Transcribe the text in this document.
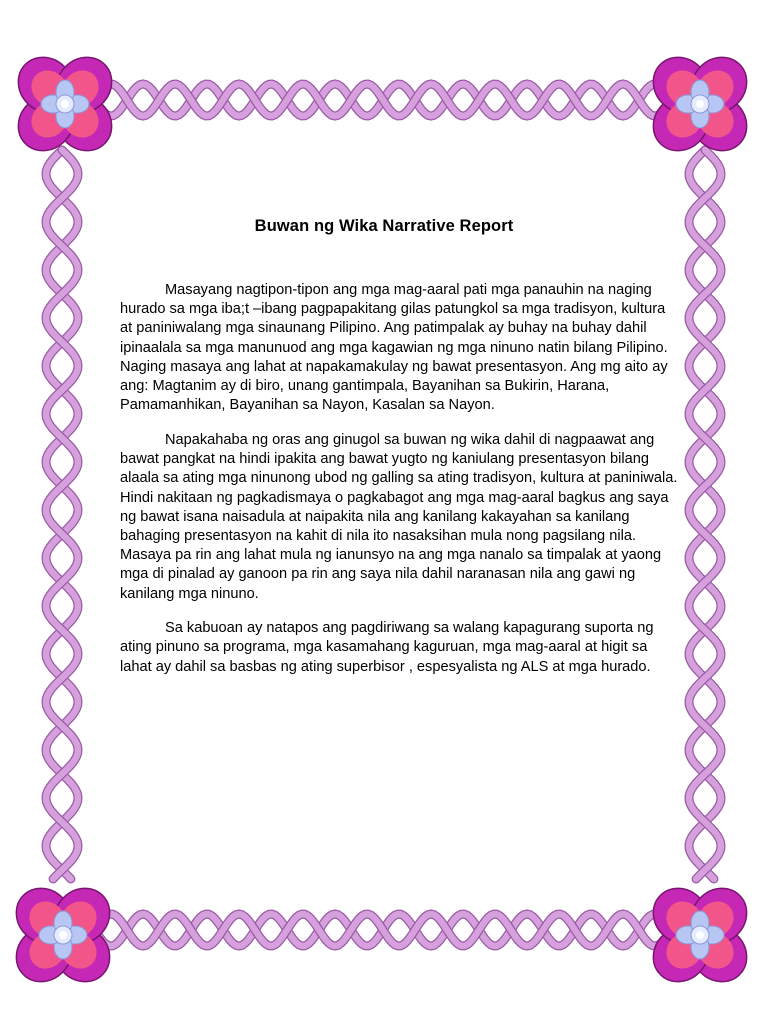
Buwan ng Wika Narrative Report

Masayang nagtipon-tipon ang mga mag-aaral pati mga panauhin na naging hurado sa mga iba;t –ibang pagpapakitang gilas patungkol sa mga tradisyon, kultura at paniniwalang mga sinaunang Pilipino. Ang patimpalak ay buhay na buhay dahil ipinaalala sa mga manunuod ang mga kagawian ng mga ninuno natin bilang Pilipino. Naging masaya ang lahat at napakamakulay ng bawat presentasyon. Ang mg aito ay ang: Magtanim ay di biro, unang gantimpala, Bayanihan sa Bukirin, Harana, Pamamanhikan, Bayanihan sa Nayon, Kasalan sa Nayon.

Napakahaba ng oras ang ginugol sa buwan ng wika dahil di nagpaawat ang bawat pangkat na hindi ipakita ang bawat yugto ng kaniulang presentasyon bilang alaala sa ating mga ninunong ubod ng galling sa ating tradisyon, kultura at paniniwala. Hindi nakitaan ng pagkadismaya o pagkabagot ang mga mag-aaral bagkus ang saya ng bawat isana naisadula at naipakita nila ang kanilang kakayahan sa kanilang bahaging presentasyon na kahit di nila ito nasaksihan mula nong pagsilang nila. Masaya pa rin ang lahat mula ng ianunsyo na ang mga nanalo sa timpalak at yaong mga di pinalad ay ganoon pa rin ang saya nila dahil naranasan nila ang gawi ng kanilang mga ninuno.

Sa kabuoan ay natapos ang pagdiriwang sa walang kapagurang suporta ng ating pinuno sa programa, mga kasamahang kaguruan, mga mag-aaral at higit sa lahat ay dahil sa basbas ng ating superbisor , espesyalista ng ALS at mga hurado.
